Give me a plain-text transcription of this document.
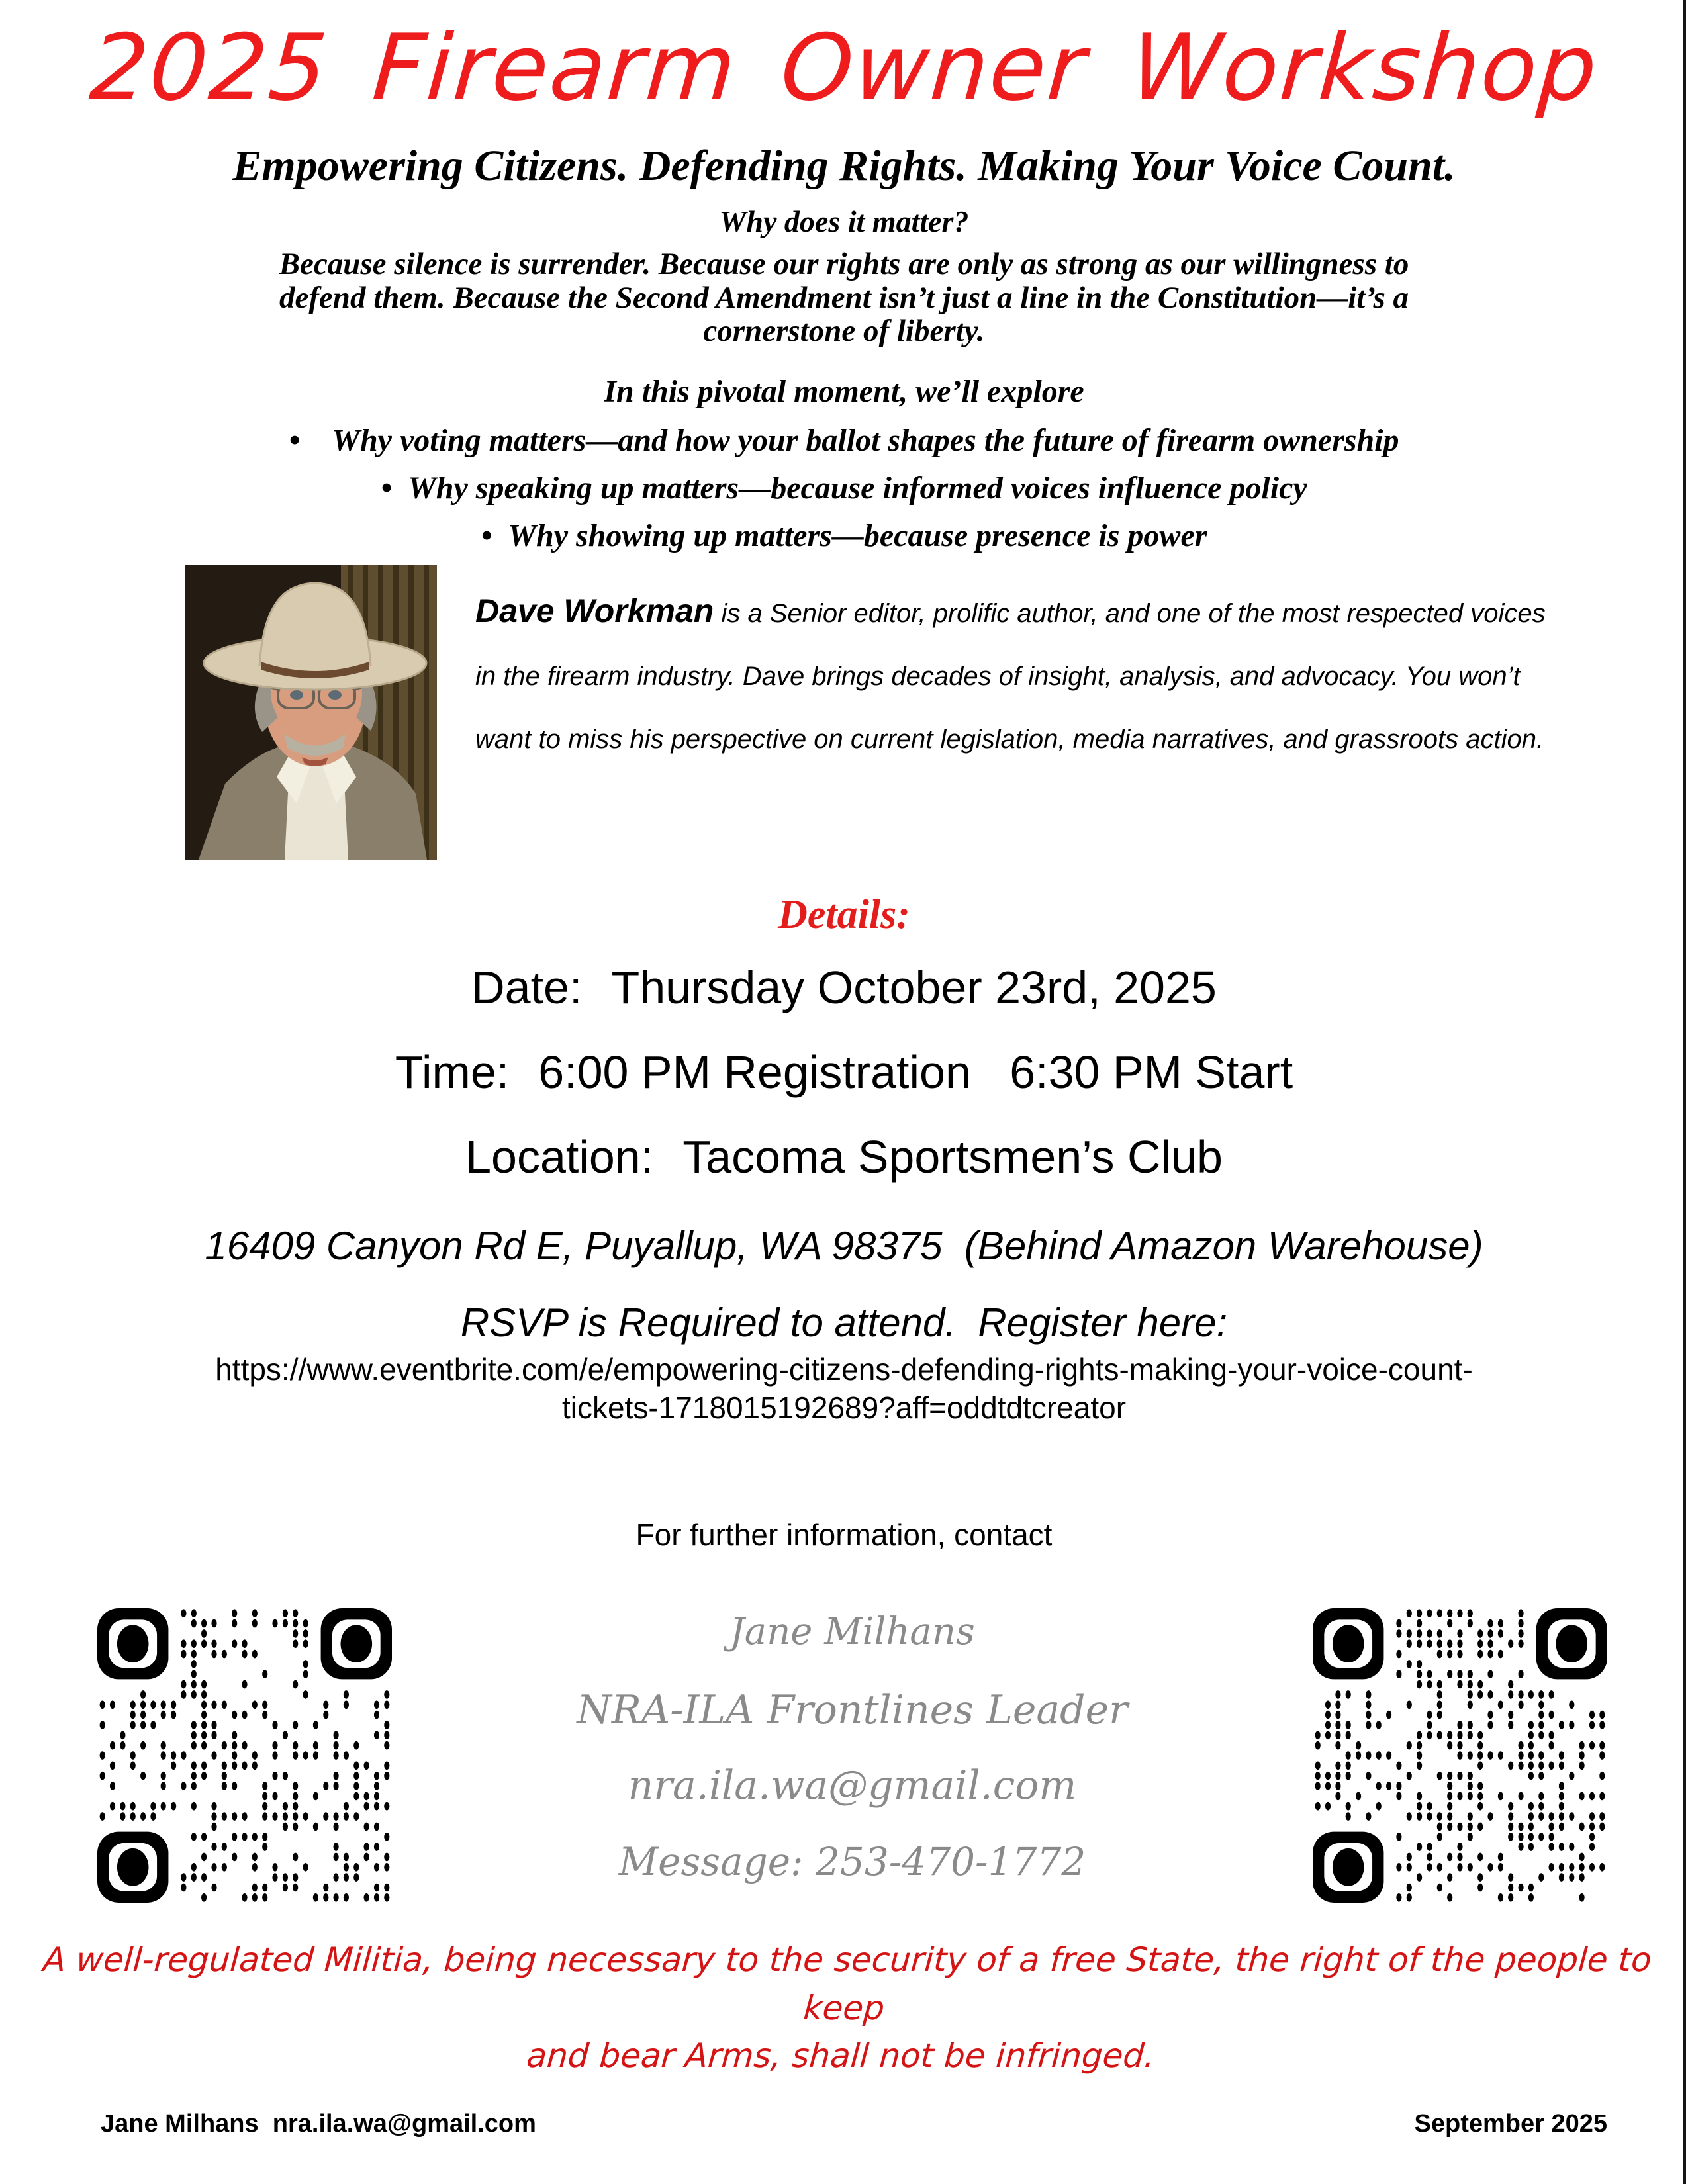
2025 Firearm Owner Workshop
Empowering Citizens. Defending Rights. Making Your Voice Count.
Why does it matter?
Because silence is surrender. Because our rights are only as strong as our willingness to
defend them. Because the Second Amendment isn’t just a line in the Constitution—it’s a
cornerstone of liberty.
In this pivotal moment, we’ll explore
•    Why voting matters—and how your ballot shapes the future of firearm ownership
•  Why speaking up matters—because informed voices influence policy
•  Why showing up matters—because presence is power
Dave Workman is a Senior editor, prolific author, and one of the most respected voices in the firearm industry. Dave brings decades of insight, analysis, and advocacy. You won’t want to miss his perspective on current legislation, media narratives, and grassroots action.
Details:
Date: Thursday October 23rd, 2025
Time: 6:00 PM Registration   6:30 PM Start
Location: Tacoma Sportsmen’s Club
16409 Canyon Rd E, Puyallup, WA 98375  (Behind Amazon Warehouse)
RSVP is Required to attend.  Register here:
https://www.eventbrite.com/e/empowering-citizens-defending-rights-making-your-voice-count-
tickets-1718015192689?aff=oddtdtcreator
For further information, contact
Jane Milhans
NRA-ILA Frontlines Leader
nra.ila.wa@gmail.com
Message: 253-470-1772
A well-regulated Militia, being necessary to the security of a free State, the right of the people to keep
and bear Arms, shall not be infringed.
Jane Milhans  nra.ila.wa@gmail.com	September 2025
